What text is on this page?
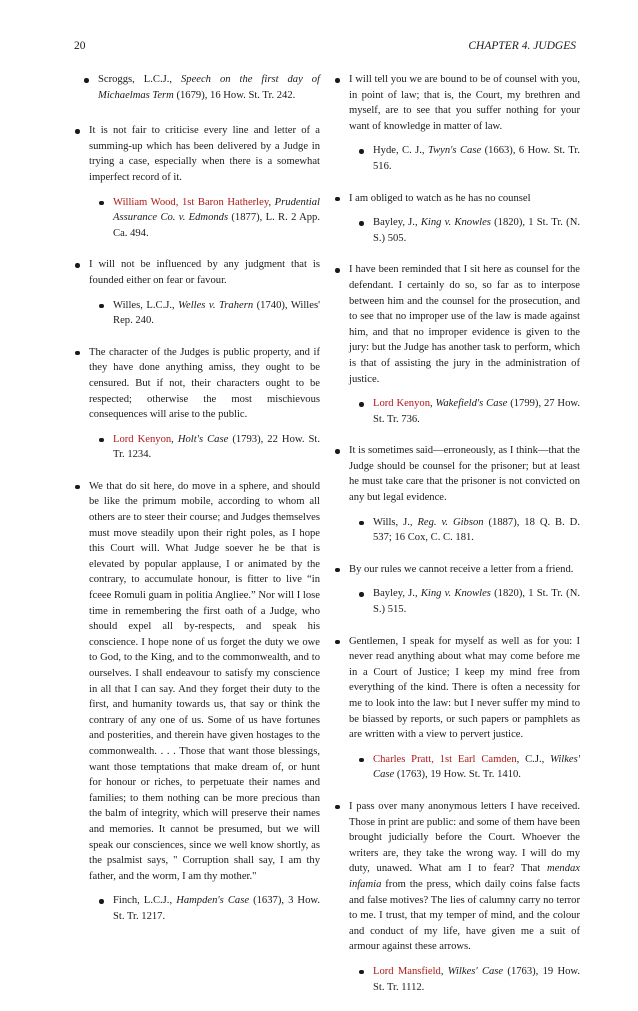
20	CHAPTER 4. JUDGES
Scroggs, L.C.J., Speech on the first day of Michaelmas Term (1679), 16 How. St. Tr. 242.
It is not fair to criticise every line and letter of a summing-up which has been delivered by a Judge in trying a case, especially when there is a somewhat imperfect record of it.
William Wood, 1st Baron Hatherley, Prudential Assurance Co. v. Edmonds (1877), L. R. 2 App. Ca. 494.
I will not be influenced by any judgment that is founded either on fear or favour.
Willes, L.C.J., Welles v. Trahern (1740), Willes' Rep. 240.
The character of the Judges is public property, and if they have done anything amiss, they ought to be censured. But if not, their characters ought to be respected; otherwise the most mischievous consequences will arise to the public.
Lord Kenyon, Holt's Case (1793), 22 How. St. Tr. 1234.
We that do sit here, do move in a sphere, and should be like the primum mobile, according to whom all others are to steer their course; and Judges themselves must move steadily upon their right poles, as I hope this Court will. What Judge soever he be that is elevated by popular applause, I or animated by the contrary, to accumulate honour, is fitter to live “in fceee Romuli guam in politia Angliee.” Nor will I lose time in remembering the first oath of a Judge, who should expel all by-respects, and speak his conscience. I hope none of us forget the duty we owe to God, to the King, and to the commonwealth, and to ourselves. I shall endeavour to satisfy my conscience in all that I can say. And they forget their duty to the first, and humanity towards us, that say or think the contrary of any one of us. Some of us have fortunes and posterities, and therein have given hostages to the commonwealth. . . . Those that want those blessings, want those temptations that make dream of, or hunt for honour or riches, to perpetuate their names and families; to them nothing can be more precious than the balm of integrity, which will preserve their names and memories. It cannot be presumed, but we will speak our consciences, since we well know shortly, as the psalmist says, " Corruption shall say, I am thy father, and the worm, I am thy mother."
Finch, L.C.J., Hampden's Case (1637), 3 How. St. Tr. 1217.
I will tell you we are bound to be of counsel with you, in point of law; that is, the Court, my brethren and myself, are to see that you suffer nothing for your want of knowledge in matter of law.
Hyde, C. J., Twyn's Case (1663), 6 How. St. Tr. 516.
I am obliged to watch as he has no counsel
Bayley, J., King v. Knowles (1820), 1 St. Tr. (N. S.) 505.
I have been reminded that I sit here as counsel for the defendant. I certainly do so, so far as to interpose between him and the counsel for the prosecution, and to see that no improper use of the law is made against him, and that no improper evidence is given to the jury: but the Judge has another task to perform, which is that of assisting the jury in the administration of justice.
Lord Kenyon, Wakefield's Case (1799), 27 How. St. Tr. 736.
It is sometimes said—erroneously, as I think—that the Judge should be counsel for the prisoner; but at least he must take care that the prisoner is not convicted on any but legal evidence.
Wills, J., Reg. v. Gibson (1887), 18 Q. B. D. 537; 16 Cox, C. C. 181.
By our rules we cannot receive a letter from a friend.
Bayley, J., King v. Knowles (1820), 1 St. Tr. (N. S.) 515.
Gentlemen, I speak for myself as well as for you: I never read anything about what may come before me in a Court of Justice; I keep my mind free from everything of the kind. There is often a necessity for me to look into the law: but I never suffer my mind to be biassed by reports, or such papers or pamphlets as are written with a view to pervert justice.
Charles Pratt, 1st Earl Camden, C.J., Wilkes' Case (1763), 19 How. St. Tr. 1410.
I pass over many anonymous letters I have received. Those in print are public: and some of them have been brought judicially before the Court. Whoever the writers are, they take the wrong way. I will do my duty, unawed. What am I to fear? That mendax infamia from the press, which daily coins false facts and false motives? The lies of calumny carry no terror to me. I trust, that my temper of mind, and the colour and conduct of my life, have given me a suit of armour against these arrows.
Lord Mansfield, Wilkes' Case (1763), 19 How. St. Tr. 1112.
